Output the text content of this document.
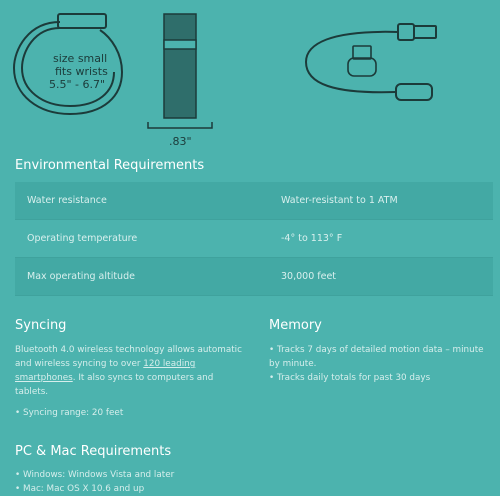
size small
fits wrists
5.5" - 6.7"
.83"
Environmental Requirements
Water resistance	Water-resistant to 1 ATM
Operating temperature	-4° to 113° F
Max operating altitude	30,000 feet
Syncing
Bluetooth 4.0 wireless technology allows automatic and wireless syncing to over 120 leading smartphones. It also syncs to computers and tablets.
• Syncing range: 20 feet
Memory
• Tracks 7 days of detailed motion data – minute by minute.
• Tracks daily totals for past 30 days
PC & Mac Requirements
• Windows: Windows Vista and later
• Mac: Mac OS X 10.6 and up
